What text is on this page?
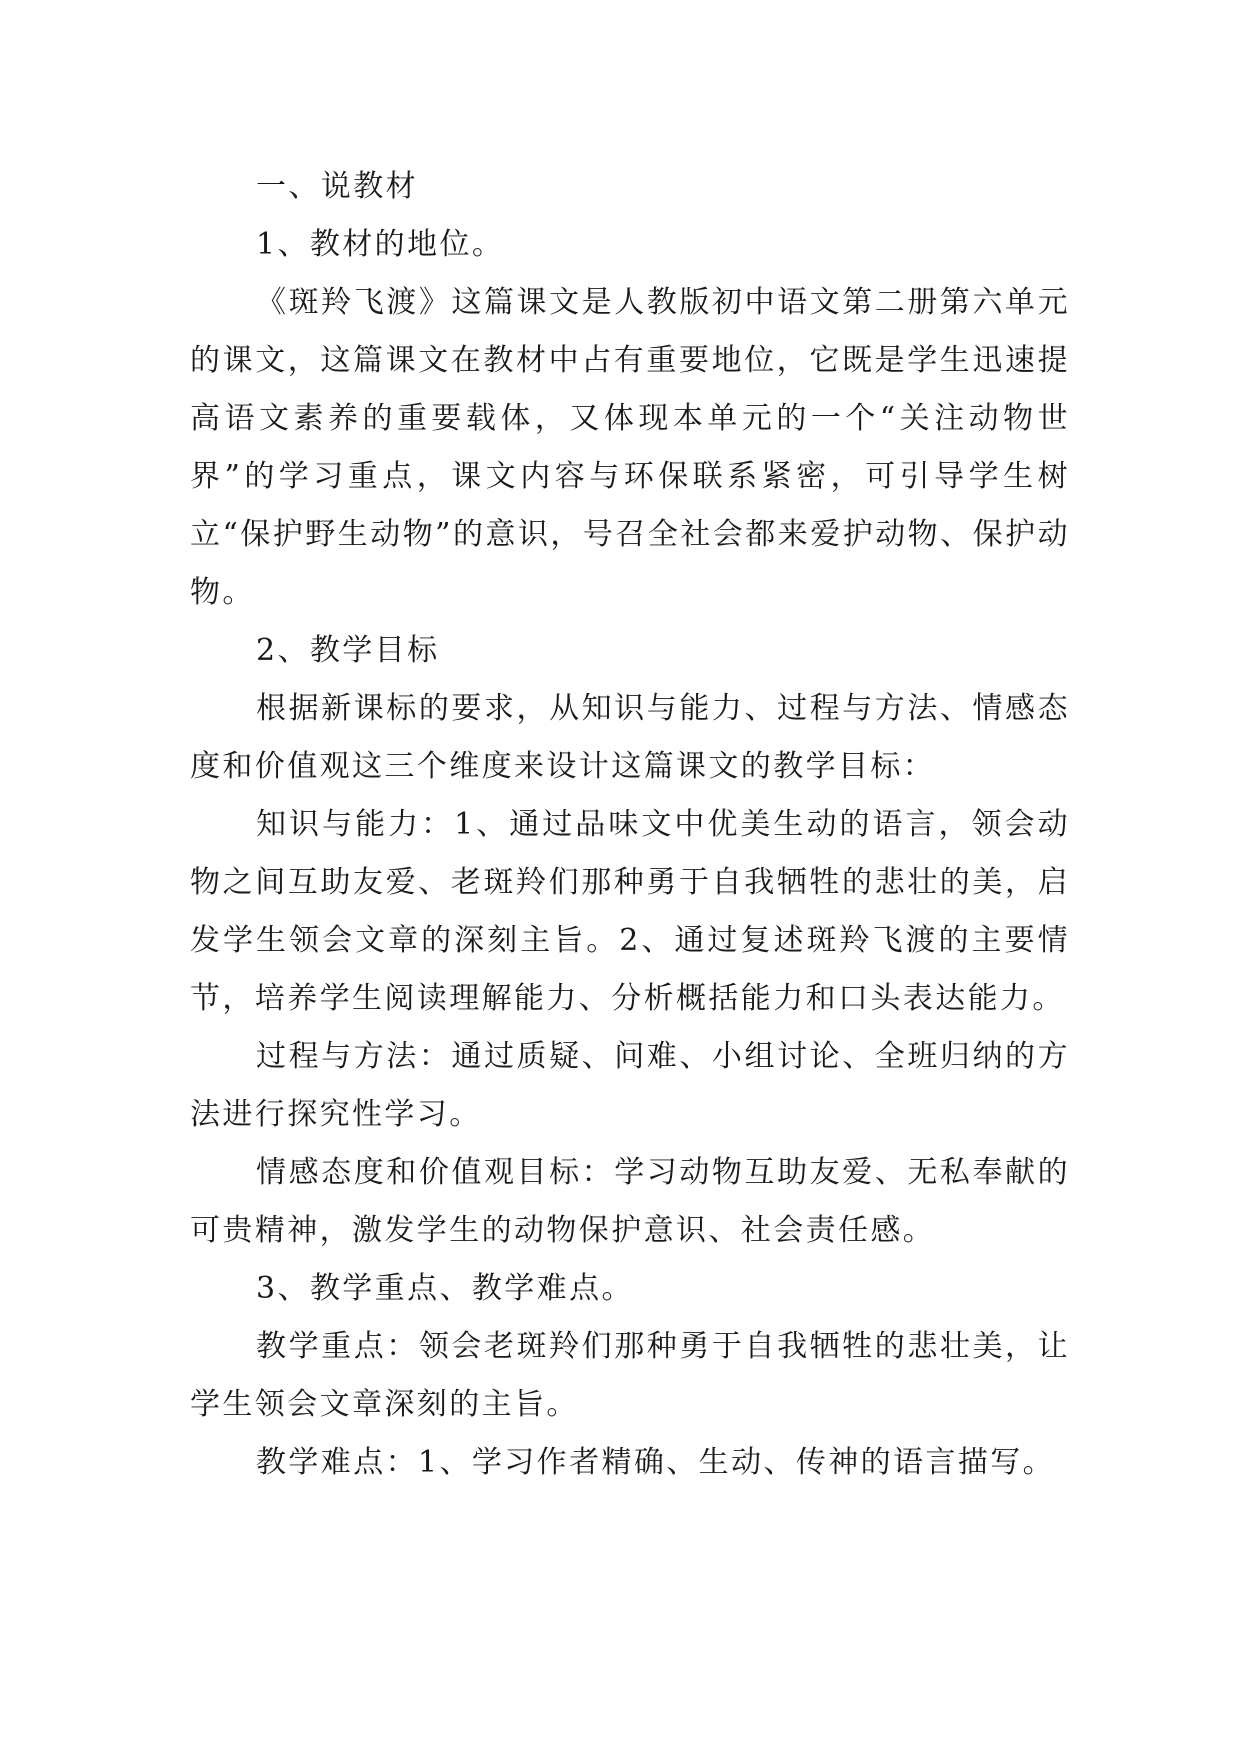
一、说教材

1、教材的地位。

《斑羚飞渡》这篇课文是人教版初中语文第二册第六单元的课文，这篇课文在教材中占有重要地位，它既是学生迅速提高语文素养的重要载体，又体现本单元的一个“关注动物世界”的学习重点，课文内容与环保联系紧密，可引导学生树立“保护野生动物”的意识，号召全社会都来爱护动物、保护动物。

2、教学目标

根据新课标的要求，从知识与能力、过程与方法、情感态度和价值观这三个维度来设计这篇课文的教学目标：

知识与能力：1、通过品味文中优美生动的语言，领会动物之间互助友爱、老斑羚们那种勇于自我牺牲的悲壮的美，启发学生领会文章的深刻主旨。2、通过复述斑羚飞渡的主要情节，培养学生阅读理解能力、分析概括能力和口头表达能力。

过程与方法：通过质疑、问难、小组讨论、全班归纳的方法进行探究性学习。

情感态度和价值观目标：学习动物互助友爱、无私奉献的可贵精神，激发学生的动物保护意识、社会责任感。

3、教学重点、教学难点。

教学重点：领会老斑羚们那种勇于自我牺牲的悲壮美，让学生领会文章深刻的主旨。

教学难点：1、学习作者精确、生动、传神的语言描写。
